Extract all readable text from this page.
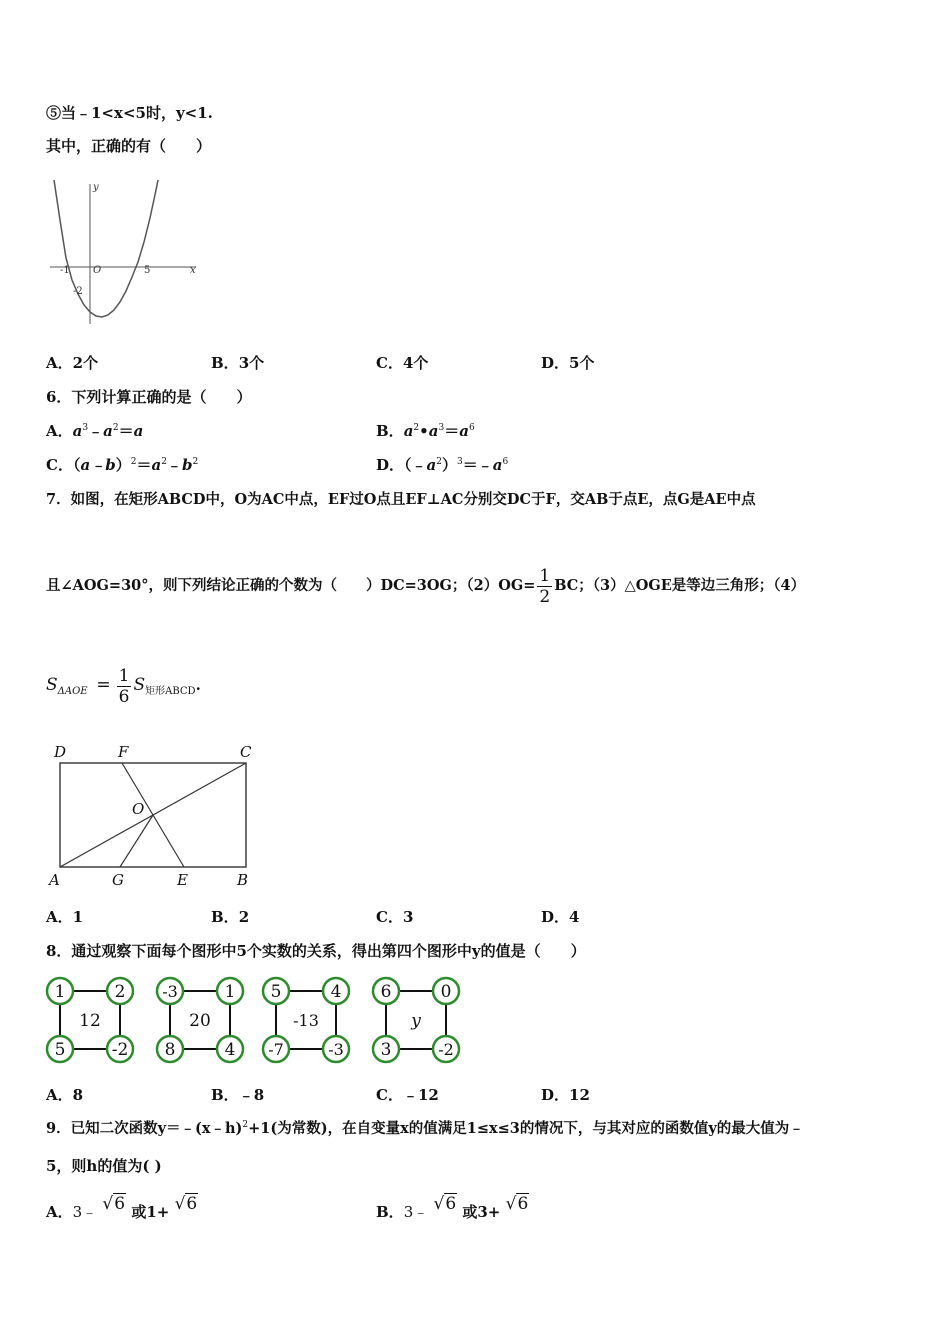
⑤当﹣1<x<5时，y<1.
其中，正确的有（　　）
-1 O	5
-2
x
y
A．2个	B．3个	C．4个	D．5个
6．下列计算正确的是（　　）
A．$a^3﹣a^2=a$	B．$a^2•a^3=a^6$
C．$(a﹣b)^2=a^2﹣b^2$	D．$(﹣a^2)^3=﹣a^6$
7．如图，在矩形ABCD中，O为AC中点，EF过O点且EF⊥AC分别交DC于F，交AB于点E，点G是AE中点
且∠AOG=30°，则下列结论正确的个数为（　　）DC=3OG；$(2)OG= \frac{1}{2}$ BC；（3）△OGE是等边三角形；（4）
$S_{\Delta AOE} = \frac{1}{6} S_{矩形ABCD}$.
D	F	C
O
A	G	E	B
A．1	B．2	C．3	D．4
8．通过观察下面每个图形中5个实数的关系，得出第四个图形中y的值是（　　）
1	2
5	-2
12
-3	1
8	4
20
5	4
-7	-3
-13
6	0
3	-2
y
A．8	B．﹣8	C．﹣12	D．12
9．已知二次函数y＝﹣(x﹣h)$^2$+1(为常数)，在自变量x的值满足1≤x≤3的情况下，与其对应的函数值y的最大值为﹣
5，则h的值为( )
A．3﹣ √6 或1+ √6	B．3﹣ √6 或3+ √6
